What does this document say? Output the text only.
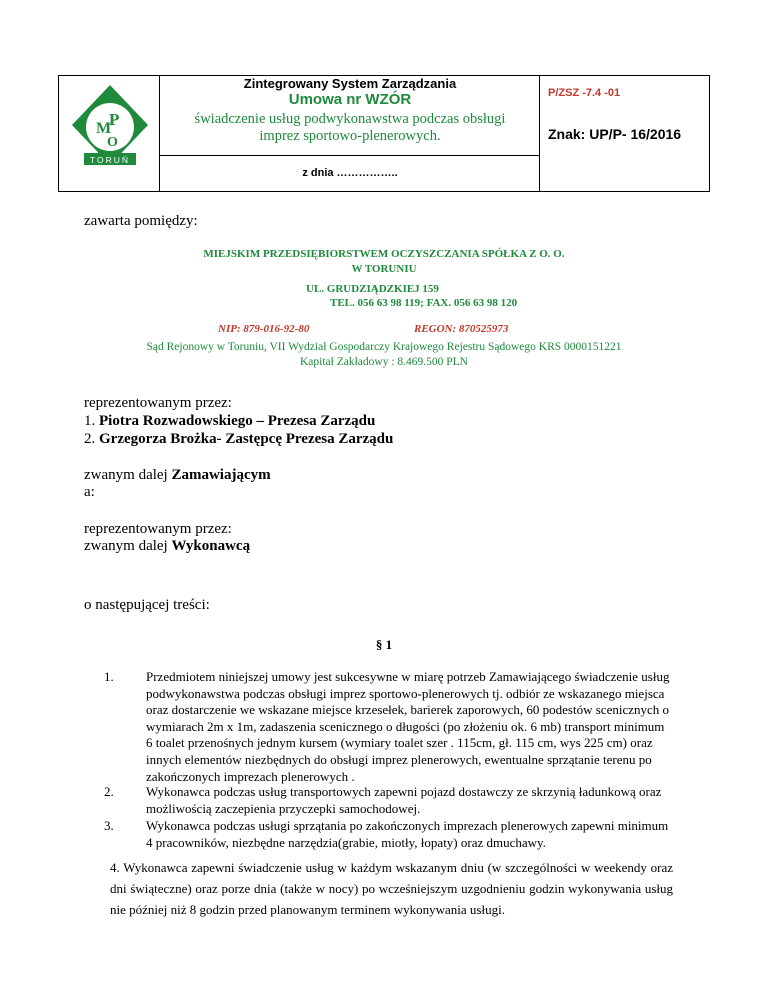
M
P
O
TORUŃ
Zintegrowany System Zarządzania
Umowa nr WZÓR
świadczenie usług podwykonawstwa podczas obsługi
imprez sportowo-plenerowych.
P/ZSZ -7.4 -01
Znak: UP/P- 16/2016
z dnia ……………..
zawarta pomiędzy:
MIEJSKIM PRZEDSIĘBIORSTWEM OCZYSZCZANIA SPÓŁKA Z O. O.
W TORUNIU
UL. GRUDZIĄDZKIEJ 159
TEL. 056 63 98 119; FAX. 056 63 98 120
NIP: 879-016-92-80	REGON: 870525973
Sąd Rejonowy w Toruniu, VII Wydział Gospodarczy Krajowego Rejestru Sądowego KRS 0000151221
Kapitał Zakładowy : 8.469.500 PLN
reprezentowanym przez:
1. Piotra Rozwadowskiego – Prezesa Zarządu
2. Grzegorza Brożka- Zastępcę Prezesa Zarządu
zwanym dalej Zamawiającym
a:
reprezentowanym przez:
zwanym dalej Wykonawcą
o następującej treści:
§ 1
1. Przedmiotem niniejszej umowy jest sukcesywne w miarę potrzeb Zamawiającego świadczenie usług podwykonawstwa podczas obsługi imprez sportowo-plenerowych tj. odbiór ze wskazanego miejsca oraz dostarczenie we wskazane miejsce krzesełek, barierek zaporowych, 60 podestów scenicznych o wymiarach 2m x 1m, zadaszenia scenicznego o długości (po złożeniu ok. 6 mb) transport minimum 6 toalet przenośnych jednym kursem (wymiary toalet szer . 115cm, gł. 115 cm, wys 225 cm) oraz innych elementów niezbędnych do obsługi imprez plenerowych, ewentualne sprzątanie terenu po zakończonych imprezach plenerowych .
2. Wykonawca podczas usług transportowych zapewni pojazd dostawczy ze skrzynią ładunkową oraz możliwością zaczepienia przyczepki samochodowej.
3. Wykonawca podczas usługi sprzątania po zakończonych imprezach plenerowych zapewni minimum 4 pracowników, niezbędne narzędzia(grabie, miotły, łopaty) oraz dmuchawy.
4. Wykonawca zapewni świadczenie usług w każdym wskazanym dniu (w szczególności w weekendy oraz dni świąteczne) oraz porze dnia (także w nocy) po wcześniejszym uzgodnieniu godzin wykonywania usług nie później niż 8 godzin przed planowanym terminem wykonywania usługi.
